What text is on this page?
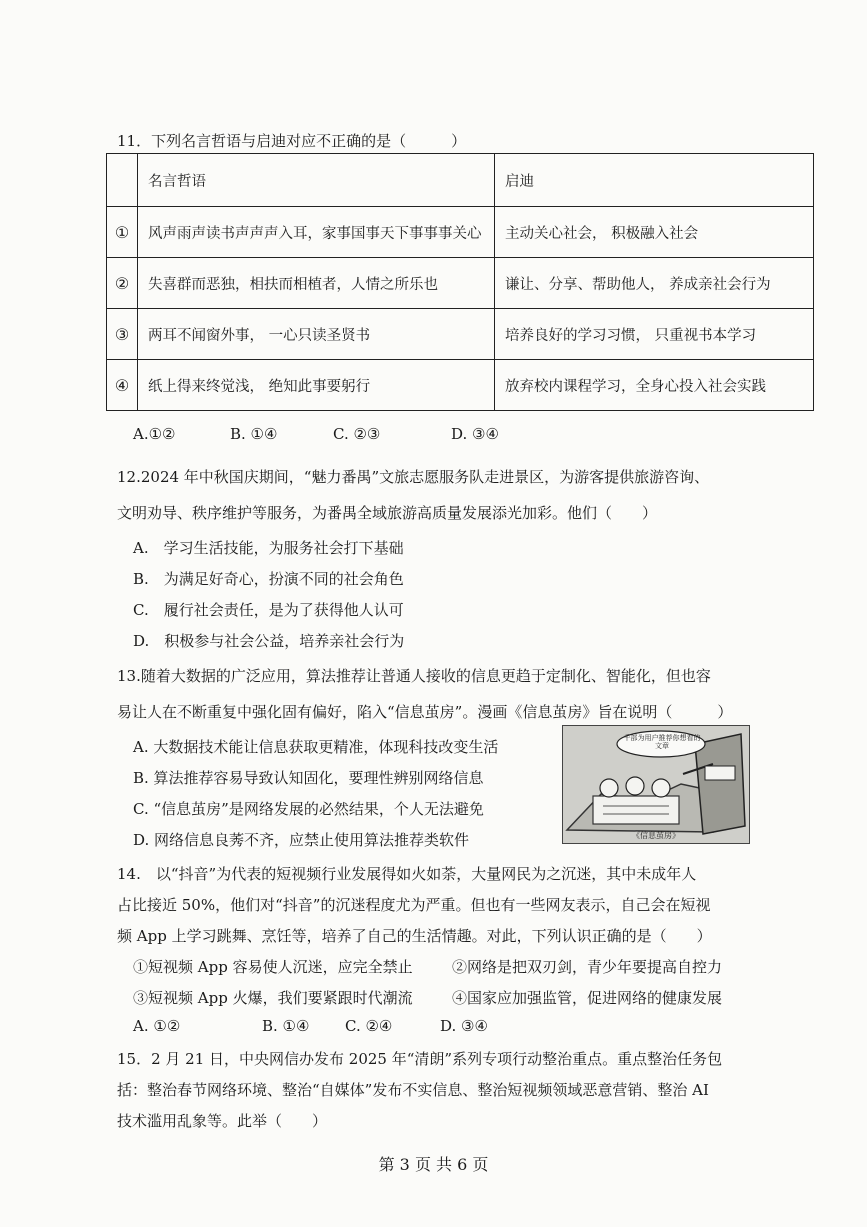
11．下列名言哲语与启迪对应不正确的是（　　　）
	名言哲语	启迪
①	风声雨声读书声声声入耳，家事国事天下事事事关心	主动关心社会， 积极融入社会
②	失喜群而恶独，相扶而相植者，人情之所乐也	谦让、分享、帮助他人， 养成亲社会行为
③	两耳不闻窗外事， 一心只读圣贤书	培养良好的学习习惯， 只重视书本学习
④	纸上得来终觉浅， 绝知此事要躬行	放弃校内课程学习，全身心投入社会实践
A.①②	B. ①④	C. ②③	D. ③④
12.2024 年中秋国庆期间，“魅力番禺”文旅志愿服务队走进景区，为游客提供旅游咨询、
文明劝导、秩序维护等服务，为番禺全域旅游高质量发展添光加彩。他们（　　）
A.　学习生活技能，为服务社会打下基础
B.　为满足好奇心，扮演不同的社会角色
C.　履行社会责任，是为了获得他人认可
D.　积极参与社会公益，培养亲社会行为
13.随着大数据的广泛应用，算法推荐让普通人接收的信息更趋于定制化、智能化，但也容
易让人在不断重复中强化固有偏好，陷入“信息茧房”。漫画《信息茧房》旨在说明（　　　）
A. 大数据技术能让信息获取更精准，体现科技改变生活
B. 算法推荐容易导致认知固化，要理性辨别网络信息
C. “信息茧房”是网络发展的必然结果，个人无法避免
D. 网络信息良莠不齐，应禁止使用算法推荐类软件
千部为用户推荐你想看的文章
《信息茧房》
14.　以“抖音”为代表的短视频行业发展得如火如荼，大量网民为之沉迷，其中未成年人
占比接近 50%，他们对“抖音”的沉迷程度尤为严重。但也有一些网友表示，自己会在短视
频 App 上学习跳舞、烹饪等，培养了自己的生活情趣。对此，下列认识正确的是（　　）
①短视频 App 容易使人沉迷，应完全禁止	②网络是把双刃剑，青少年要提高自控力
③短视频 App 火爆，我们要紧跟时代潮流	④国家应加强监管，促进网络的健康发展
A. ①②	B. ①④ C. ②④	D. ③④
15．2 月 21 日，中央网信办发布 2025 年“清朗”系列专项行动整治重点。重点整治任务包
括：整治春节网络环境、整治“自媒体”发布不实信息、整治短视频领域恶意营销、整治 AI
技术滥用乱象等。此举（　　）
第 3 页 共 6 页
